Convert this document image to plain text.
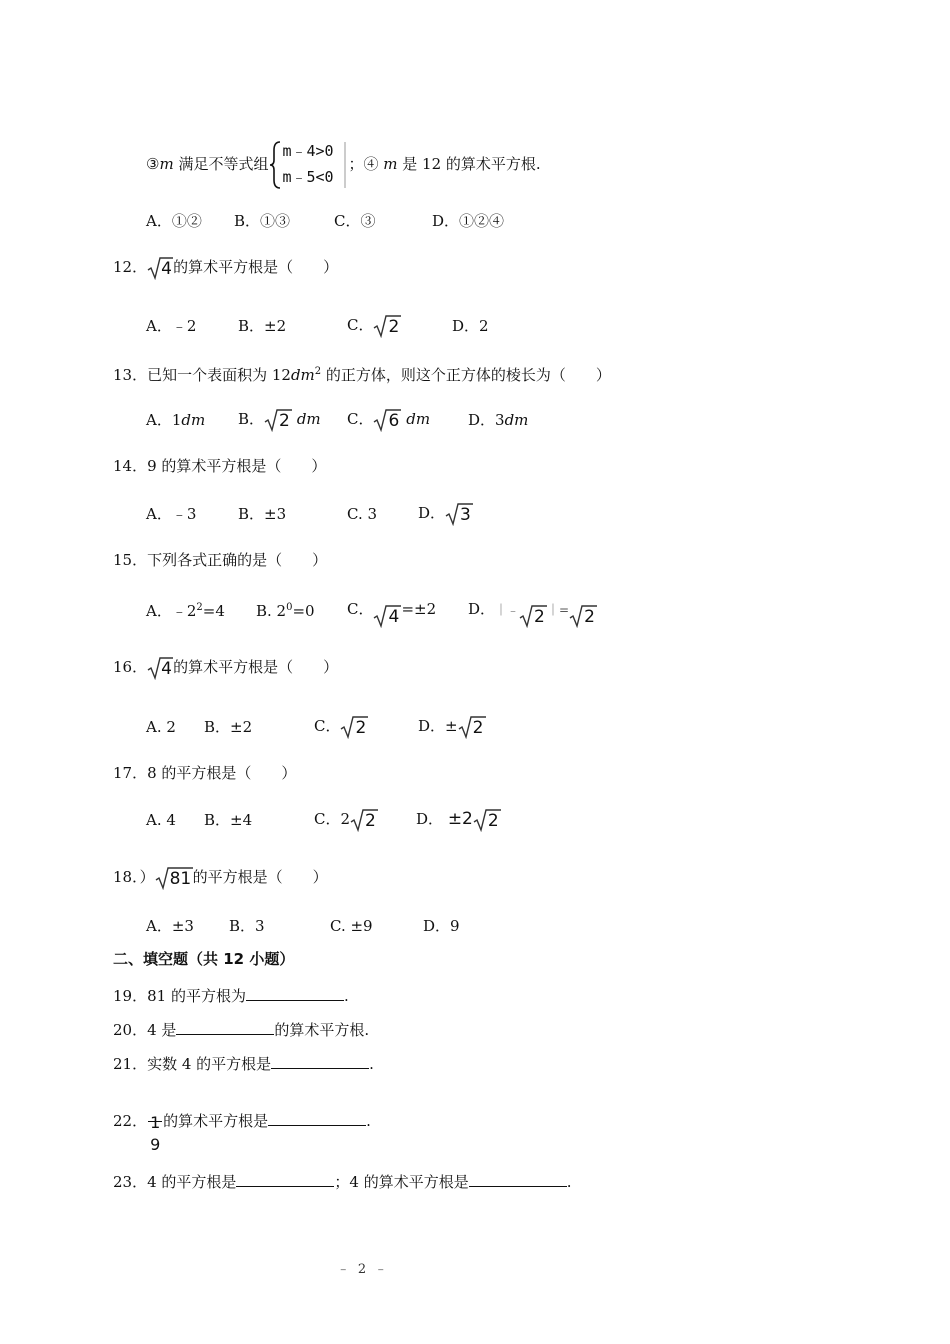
③m 满足不等式组
m﹣4>0
m﹣5<0
；④ m 是 12 的算术平方根.
A．①② B．①③	C．③	D．①②④
12． 4 的算术平方根是（　　）
A．﹣2	B．±2	C． 2	D．2
13．已知一个表面积为 $12dm^2$ 的正方体，则这个正方体的棱长为（　　）
A．1dm B． 2 dm C． 6 dm	D．3dm
14．9 的算术平方根是（　　）
A．﹣3	B．±3	C. 3	D． 3
15．下列各式正确的是（　　）
A．$﹣2^2=4$ B. $2^0=0$ C． 4 =±2 D．｜﹣ 2 ｜= 2
16． 4 的算术平方根是（　　）
A. 2 B．±2	C． 2	D．± 2
17．8 的平方根是（　　）
A. 4 B．±4	C．2 2	D． ±2 2
18．） 81 的平方根是（　　）
A．±3 B．3	C. ±9	D．9
二、填空题（共 12 小题）
19．81 的平方根为	.
20．4 是	的算术平方根.
21．实数 4 的平方根是	.
22． 1
9
的算术平方根是	.
23．4 的平方根是	；4 的算术平方根是	.
﹣ 2 ﹣
